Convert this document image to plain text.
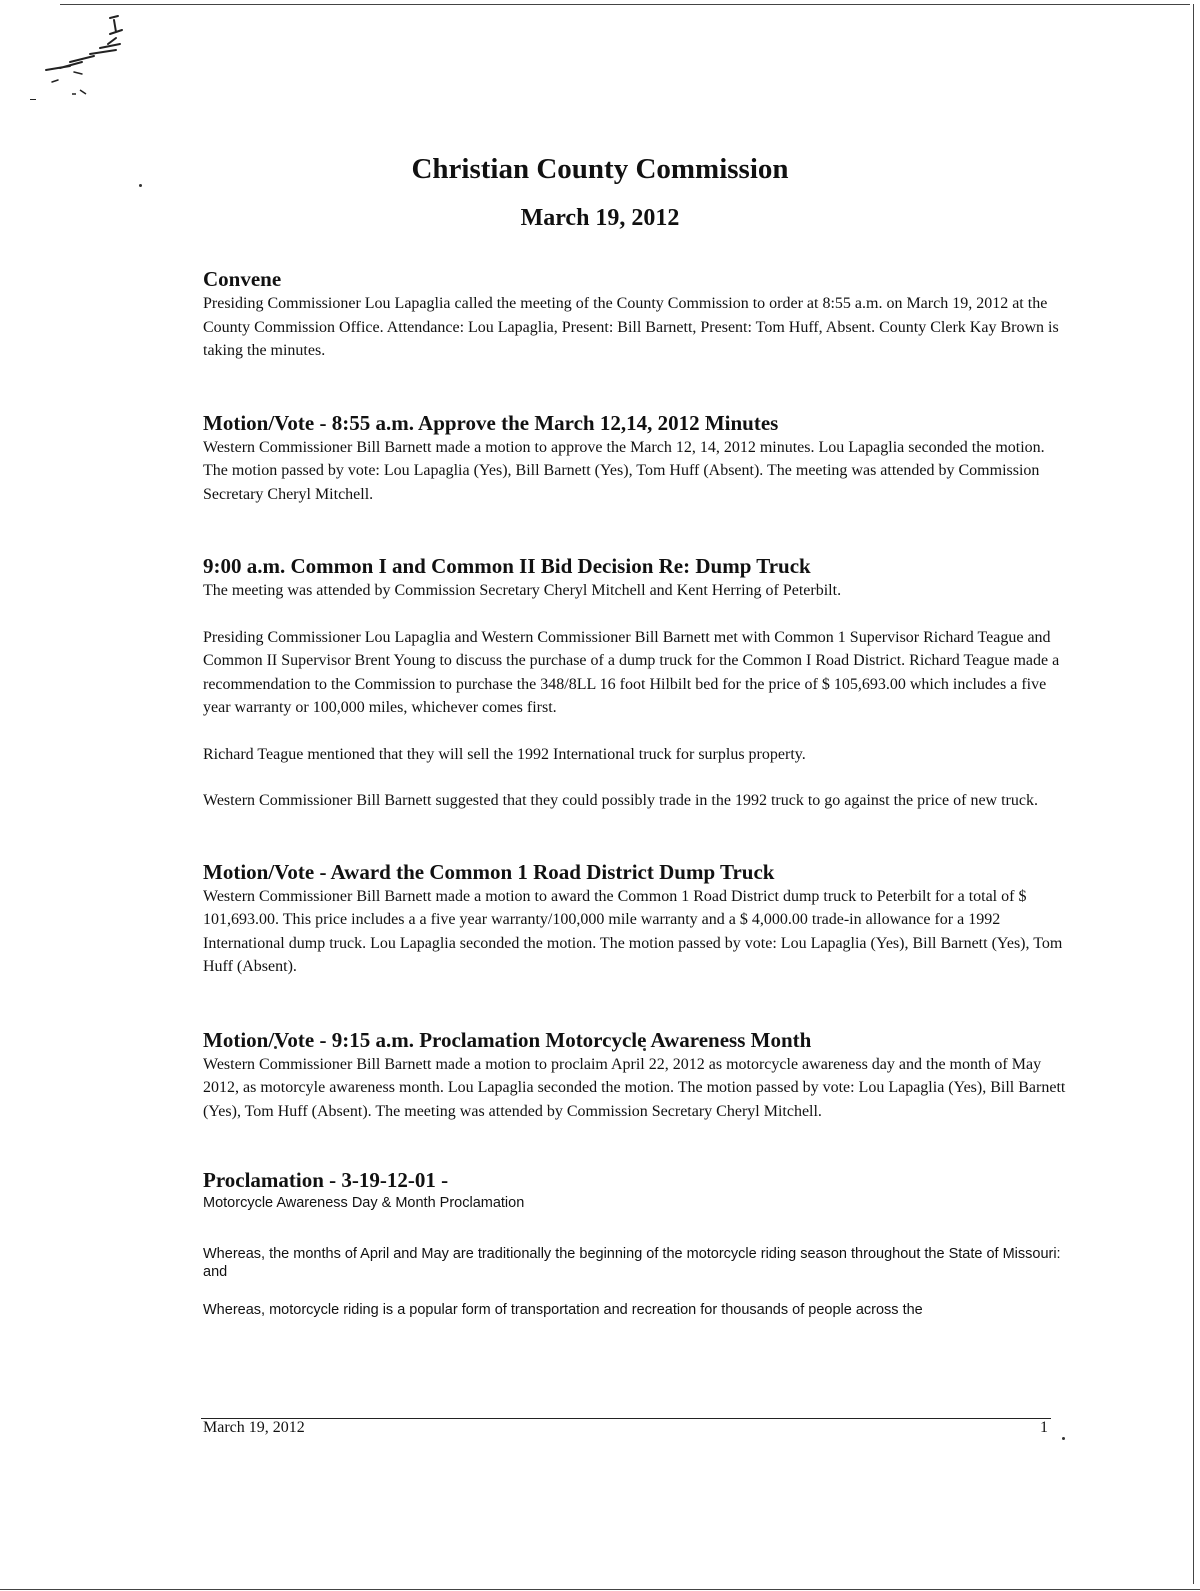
Christian County Commission
March 19, 2012
Convene

Presiding Commissioner Lou Lapaglia called the meeting of the County Commission to order at 8:55 a.m. on March 19, 2012 at the County Commission Office. Attendance: Lou Lapaglia, Present: Bill Barnett, Present: Tom Huff, Absent. County Clerk Kay Brown is taking the minutes.

Motion/Vote - 8:55 a.m. Approve the March 12,14, 2012 Minutes

Western Commissioner Bill Barnett made a motion to approve the March 12, 14, 2012 minutes. Lou Lapaglia seconded the motion. The motion passed by vote: Lou Lapaglia (Yes), Bill Barnett (Yes), Tom Huff (Absent). The meeting was attended by Commission Secretary Cheryl Mitchell.

9:00 a.m. Common I and Common II Bid Decision Re: Dump Truck

The meeting was attended by Commission Secretary Cheryl Mitchell and Kent Herring of Peterbilt.

Presiding Commissioner Lou Lapaglia and Western Commissioner Bill Barnett met with Common 1 Supervisor Richard Teague and Common II Supervisor Brent Young to discuss the purchase of a dump truck for the Common I Road District. Richard Teague made a recommendation to the Commission to purchase the 348/8LL 16 foot Hilbilt bed for the price of $ 105,693.00 which includes a five year warranty or 100,000 miles, whichever comes first.

Richard Teague mentioned that they will sell the 1992 International truck for surplus property.

Western Commissioner Bill Barnett suggested that they could possibly trade in the 1992 truck to go against the price of new truck.

Motion/Vote - Award the Common 1 Road District Dump Truck

Western Commissioner Bill Barnett made a motion to award the Common 1 Road District dump truck to Peterbilt for a total of $ 101,693.00. This price includes a a five year warranty/100,000 mile warranty and a $ 4,000.00 trade-in allowance for a 1992 International dump truck. Lou Lapaglia seconded the motion. The motion passed by vote: Lou Lapaglia (Yes), Bill Barnett (Yes), Tom Huff (Absent).

Motion/Vote - 9:15 a.m. Proclamation Motorcycle Awareness Month

Western Commissioner Bill Barnett made a motion to proclaim April 22, 2012 as motorcycle awareness day and the month of May 2012, as motorcyle awareness month. Lou Lapaglia seconded the motion. The motion passed by vote: Lou Lapaglia (Yes), Bill Barnett (Yes), Tom Huff (Absent). The meeting was attended by Commission Secretary Cheryl Mitchell.

Proclamation - 3-19-12-01 -

Motorcycle Awareness Day & Month Proclamation

Whereas, the months of April and May are traditionally the beginning of the motorcycle riding season throughout the State of Missouri: and

Whereas, motorcycle riding is a popular form of transportation and recreation for thousands of people across the

March 19, 2012	1
